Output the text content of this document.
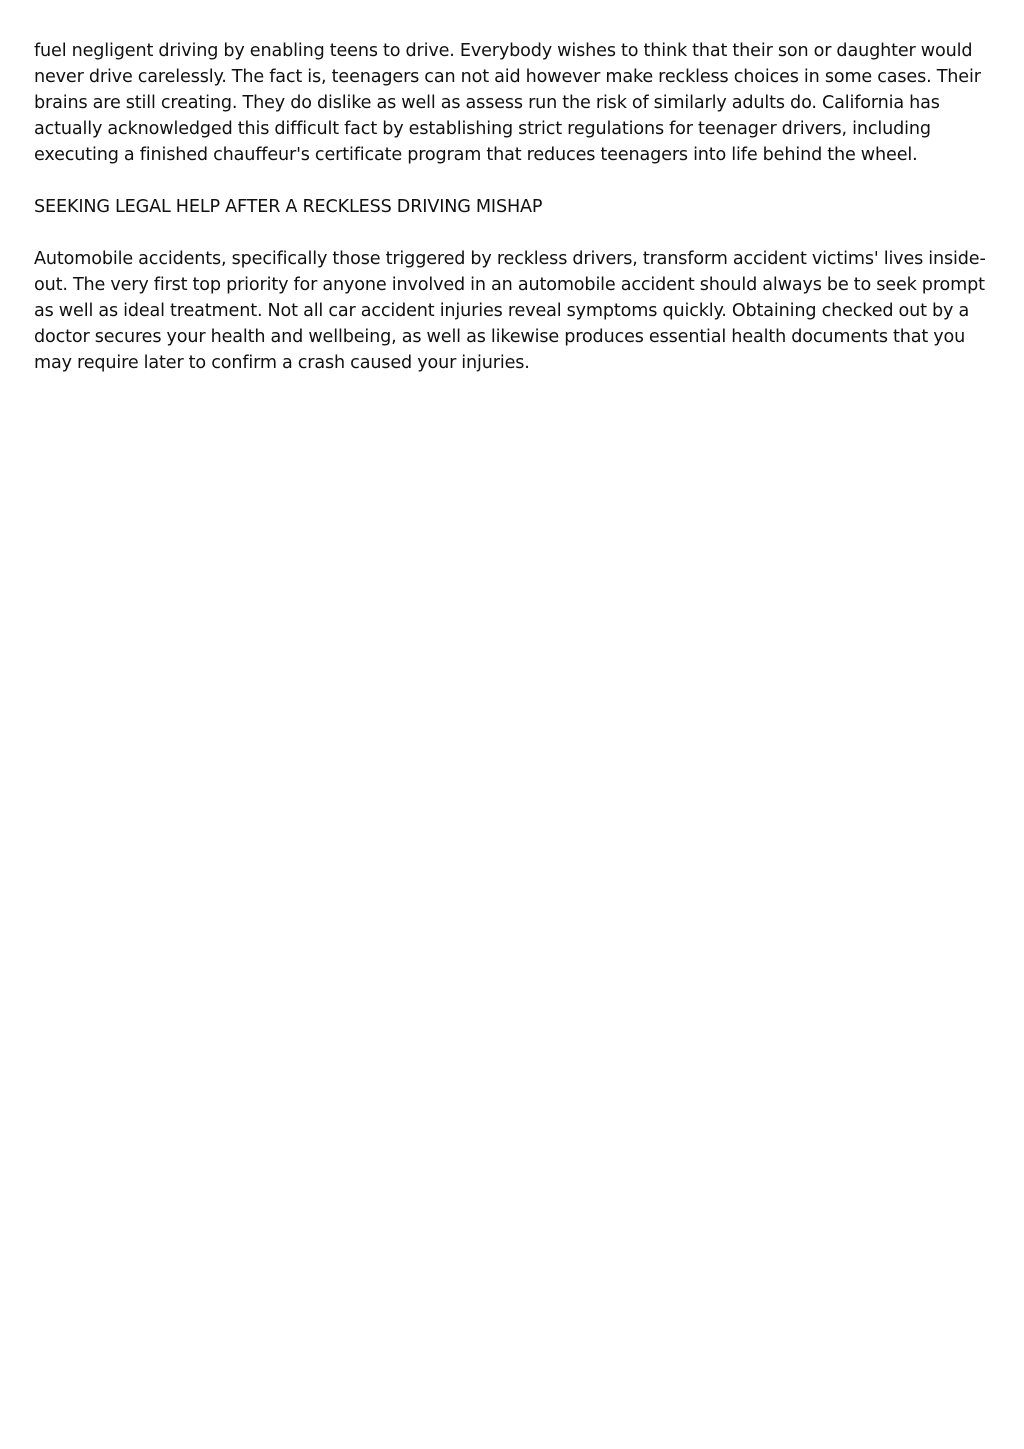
fuel negligent driving by enabling teens to drive. Everybody wishes to think that their son or daughter would never drive carelessly. The fact is, teenagers can not aid however make reckless choices in some cases. Their brains are still creating. They do dislike as well as assess run the risk of similarly adults do. California has actually acknowledged this difficult fact by establishing strict regulations for teenager drivers, including executing a finished chauffeur's certificate program that reduces teenagers into life behind the wheel.

SEEKING LEGAL HELP AFTER A RECKLESS DRIVING MISHAP

Automobile accidents, specifically those triggered by reckless drivers, transform accident victims' lives inside-out. The very first top priority for anyone involved in an automobile accident should always be to seek prompt as well as ideal treatment. Not all car accident injuries reveal symptoms quickly. Obtaining checked out by a doctor secures your health and wellbeing, as well as likewise produces essential health documents that you may require later to confirm a crash caused your injuries.
